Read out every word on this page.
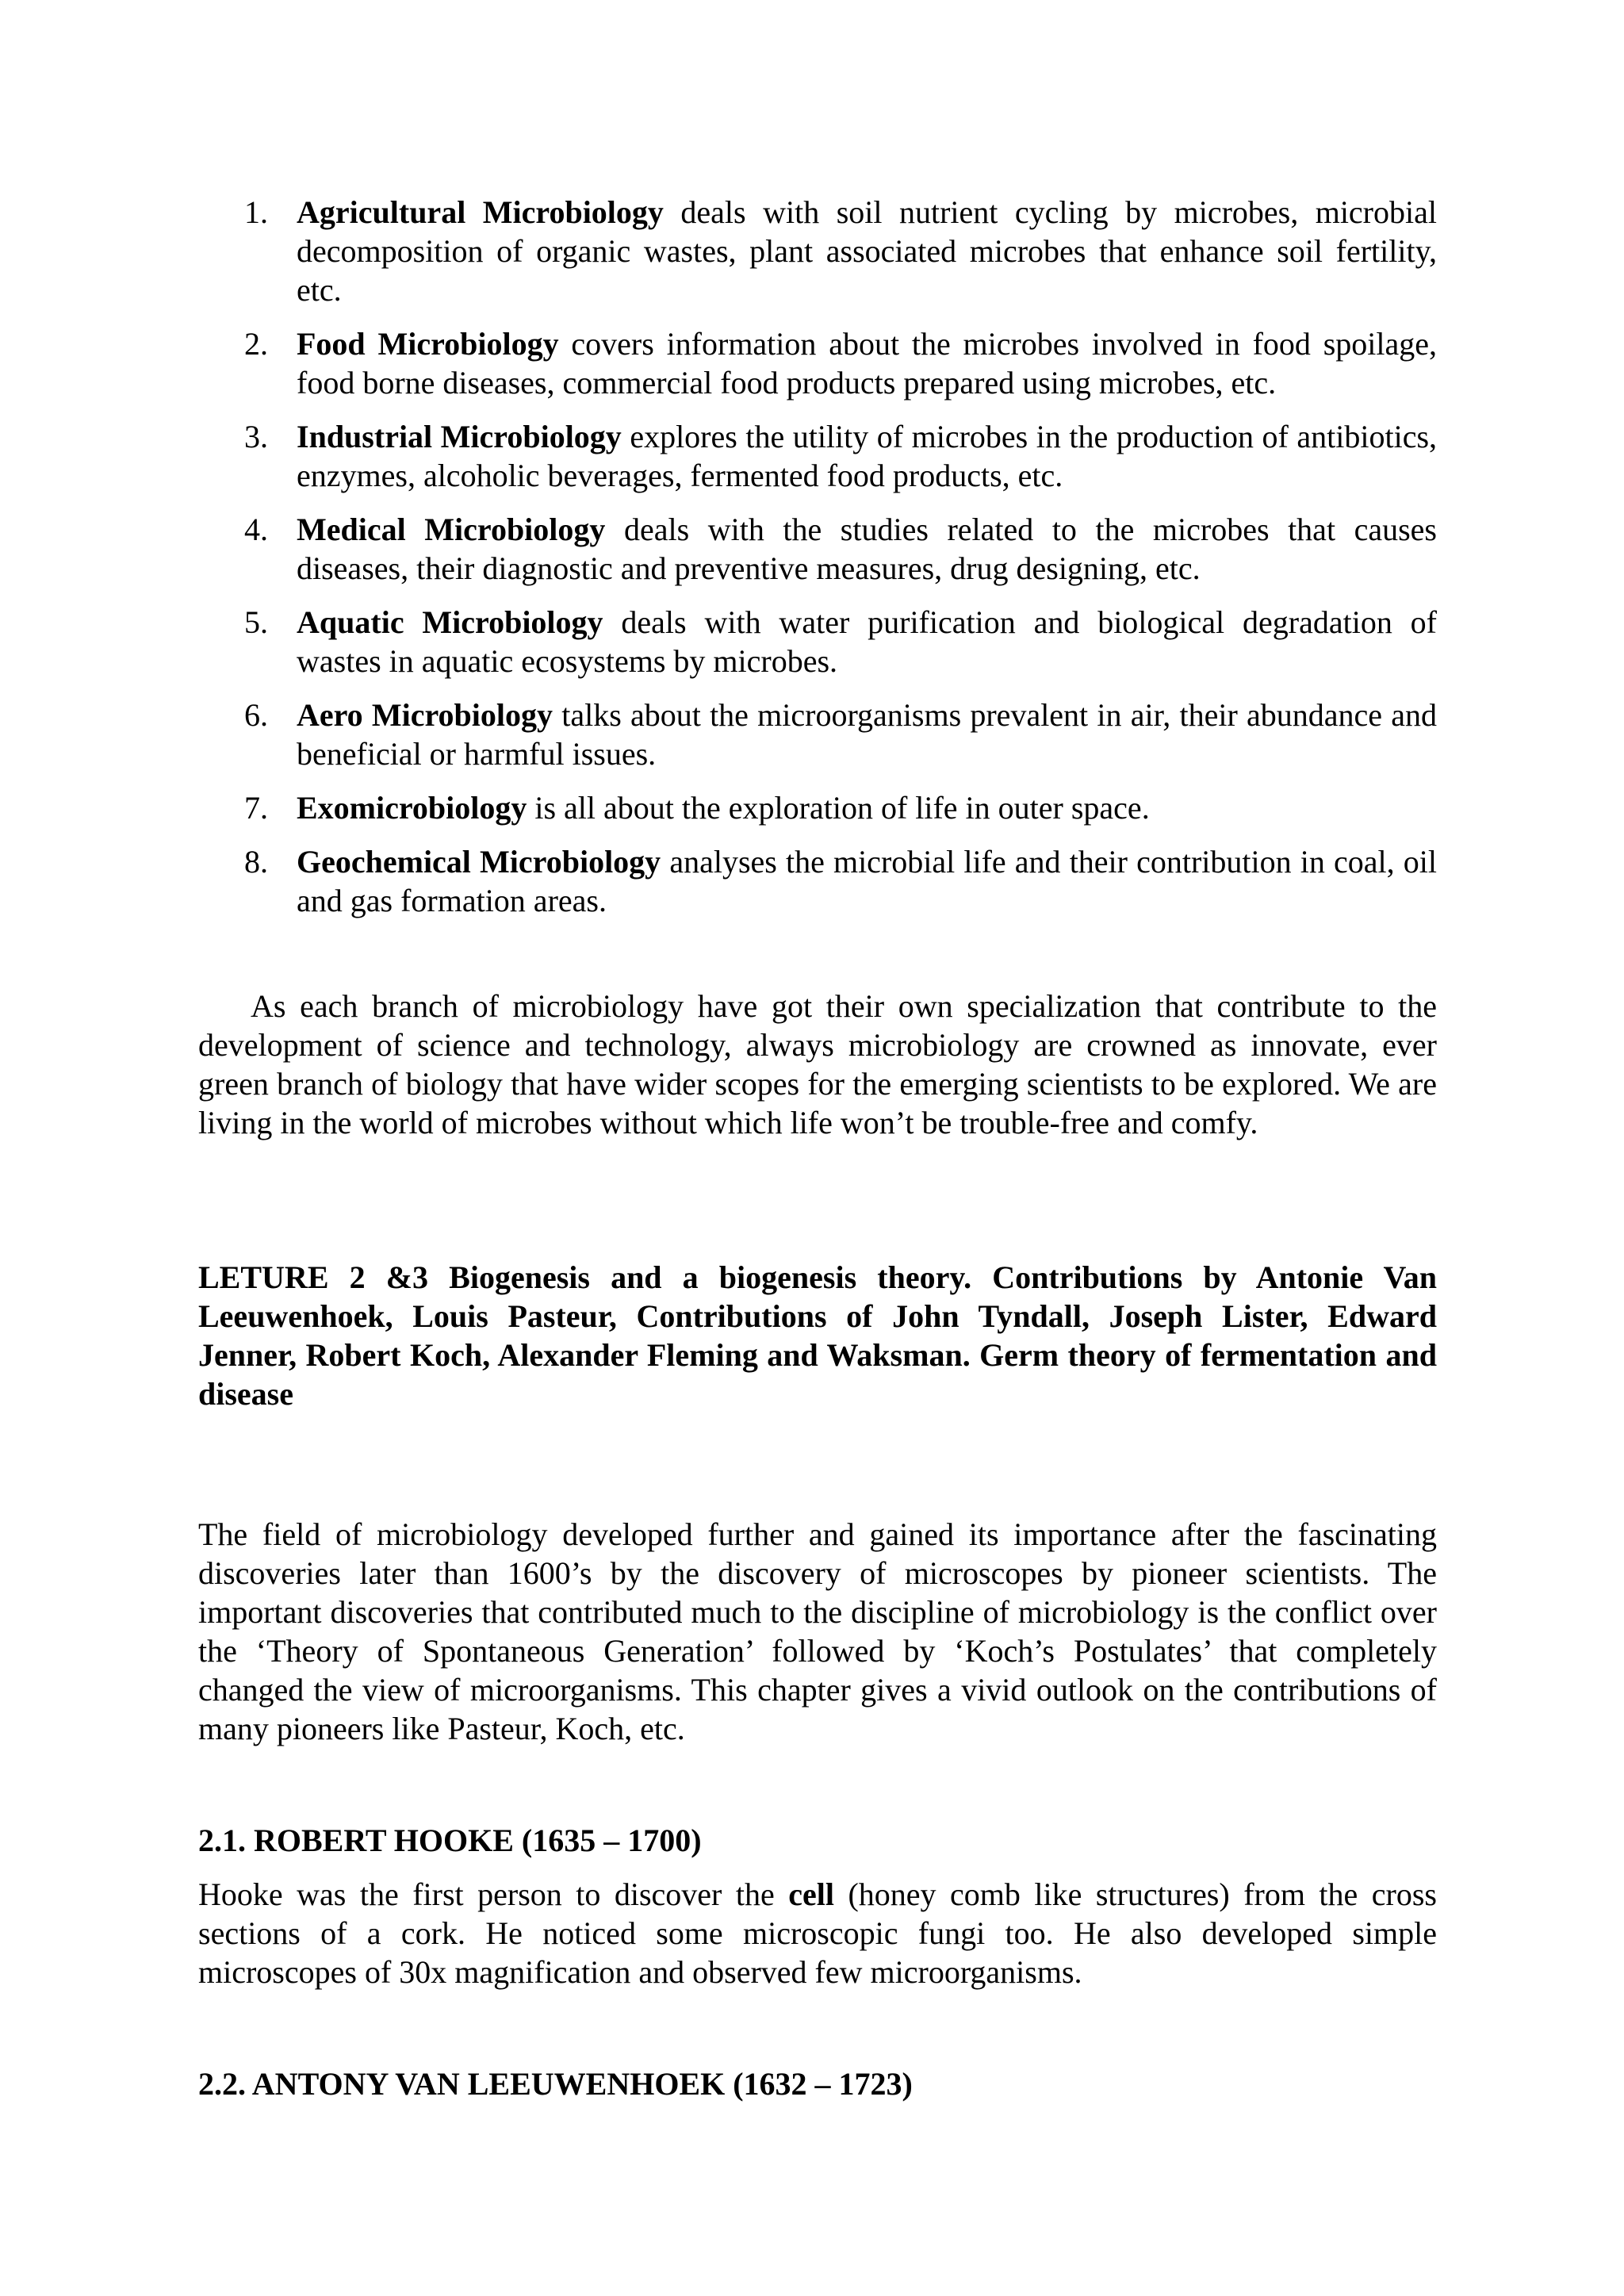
1. Agricultural Microbiology deals with soil nutrient cycling by microbes, microbial decomposition of organic wastes, plant associated microbes that enhance soil fertility, etc.
2. Food Microbiology covers information about the microbes involved in food spoilage, food borne diseases, commercial food products prepared using microbes, etc.
3. Industrial Microbiology explores the utility of microbes in the production of antibiotics, enzymes, alcoholic beverages, fermented food products, etc.
4. Medical Microbiology deals with the studies related to the microbes that causes diseases, their diagnostic and preventive measures, drug designing, etc.
5. Aquatic Microbiology deals with water purification and biological degradation of wastes in aquatic ecosystems by microbes.
6. Aero Microbiology talks about the microorganisms prevalent in air, their abundance and beneficial or harmful issues.
7. Exomicrobiology is all about the exploration of life in outer space.
8. Geochemical Microbiology analyses the microbial life and their contribution in coal, oil and gas formation areas.

As each branch of microbiology have got their own specialization that contribute to the development of science and technology, always microbiology are crowned as innovate, ever green branch of biology that have wider scopes for the emerging scientists to be explored. We are living in the world of microbes without which life won’t be trouble-free and comfy.

LETURE 2 &3 Biogenesis and a biogenesis theory. Contributions by Antonie Van Leeuwenhoek, Louis Pasteur, Contributions of John Tyndall, Joseph Lister, Edward Jenner, Robert Koch, Alexander Fleming and Waksman. Germ theory of fermentation and disease

The field of microbiology developed further and gained its importance after the fascinating discoveries later than 1600’s by the discovery of microscopes by pioneer scientists. The important discoveries that contributed much to the discipline of microbiology is the conflict over the ‘Theory of Spontaneous Generation’ followed by ‘Koch’s Postulates’ that completely changed the view of microorganisms. This chapter gives a vivid outlook on the contributions of many pioneers like Pasteur, Koch, etc.

2.1. ROBERT HOOKE (1635 – 1700)

Hooke was the first person to discover the cell (honey comb like structures) from the cross sections of a cork. He noticed some microscopic fungi too. He also developed simple microscopes of 30x magnification and observed few microorganisms.

2.2. ANTONY VAN LEEUWENHOEK (1632 – 1723)
